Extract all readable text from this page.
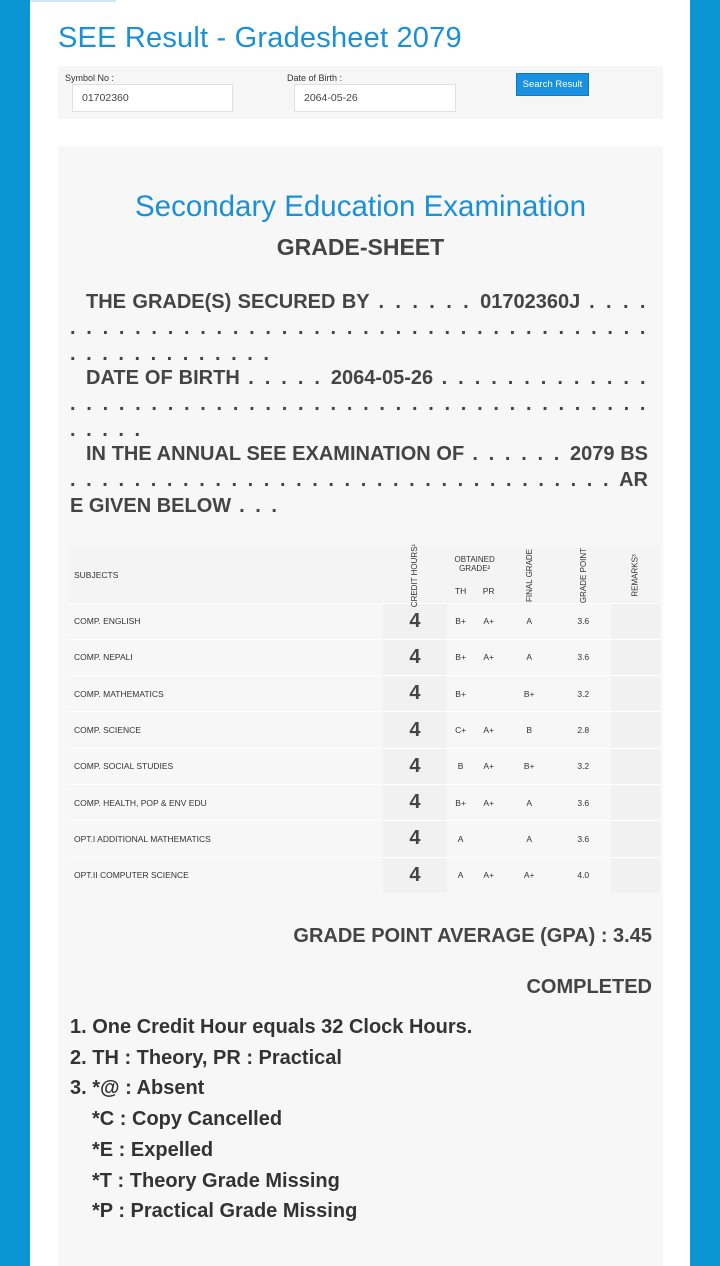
SEE Result - Gradesheet 2079
Symbol No :
01702360
Date of Birth :
2064-05-26
Search Result
Secondary Education Examination
GRADE-SHEET

THE GRADE(S) SECURED BY . . . . . . 01702360J . . . . . . . . . . . . . . . . . . . . . . . . . . . . . . . . . . . . . . . . . . . . . . . . . . . . .

DATE OF BIRTH . . . . . 2064-05-26 . . . . . . . . . . . . . . . . . . . . . . . . . . . . . . . . . . . . . . . . . . . . . . . . . . . . . .

IN THE ANNUAL SEE EXAMINATION OF . . . . . . 2079 BS . . . . . . . . . . . . . . . . . . . . . . . . . . . . . . . . . . ARE GIVEN BELOW . . .

SUBJECTS	CREDIT HOURS¹	OBTAINED GRADE²		FINAL GRADE	GRADE POINT	REMARKS³
		TH	PR			
COMP. ENGLISH	4	B+	A+	A	3.6	
COMP. NEPALI	4	B+	A+	A	3.6	
COMP. MATHEMATICS	4	B+		B+	3.2	
COMP. SCIENCE	4	C+	A+	B	2.8	
COMP. SOCIAL STUDIES	4	B	A+	B+	3.2	
COMP. HEALTH, POP & ENV EDU	4	B+	A+	A	3.6	
OPT.I ADDITIONAL MATHEMATICS	4	A		A	3.6	
OPT.II COMPUTER SCIENCE	4	A	A+	A+	4.0	
GRADE POINT AVERAGE (GPA) : 3.45
COMPLETED
1. One Credit Hour equals 32 Clock Hours.
2. TH : Theory, PR : Practical
3. *@ : Absent
*C : Copy Cancelled
*E : Expelled
*T : Theory Grade Missing
*P : Practical Grade Missing
